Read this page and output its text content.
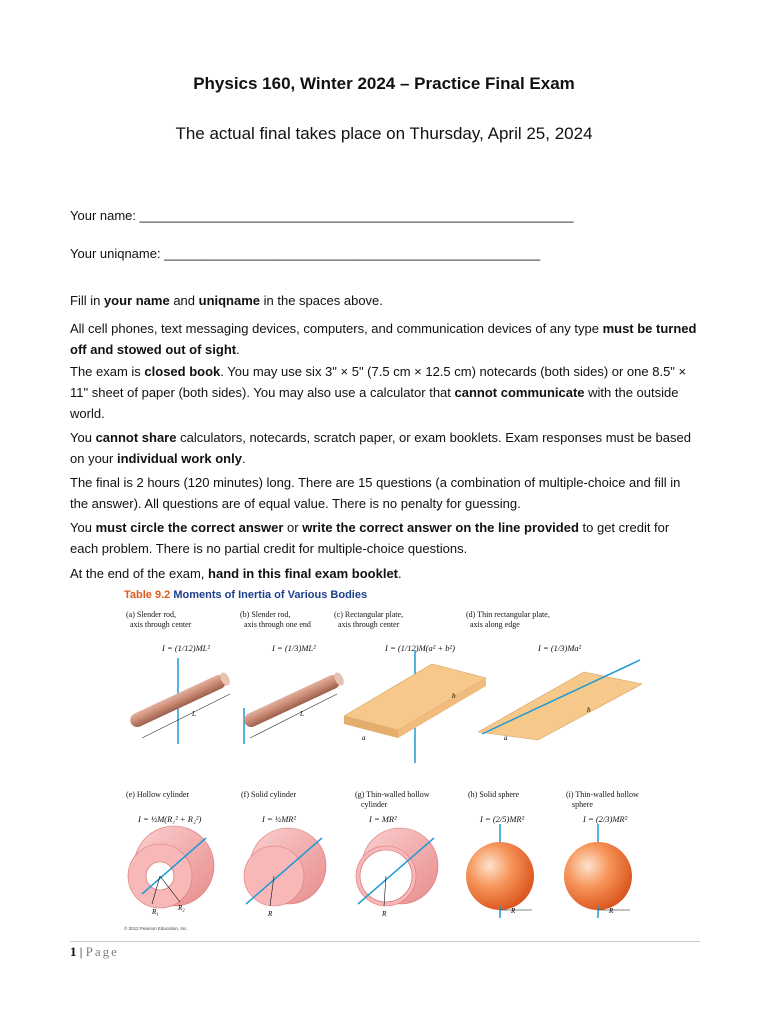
Physics 160, Winter 2024 – Practice Final Exam
The actual final takes place on Thursday, April 25, 2024
Your name: ____________________________________________________________
Your uniqname: ____________________________________________________

Fill in your name and uniqname in the spaces above.

All cell phones, text messaging devices, computers, and communication devices of any type must be turned off and stowed out of sight.

The exam is closed book. You may use six 3" × 5" (7.5 cm × 12.5 cm) notecards (both sides) or one 8.5" × 11" sheet of paper (both sides). You may also use a calculator that cannot communicate with the outside world.

You cannot share calculators, notecards, scratch paper, or exam booklets. Exam responses must be based on your individual work only.

The final is 2 hours (120 minutes) long. There are 15 questions (a combination of multiple-choice and fill in the answer). All questions are of equal value. There is no penalty for guessing.

You must circle the correct answer or write the correct answer on the line provided to get credit for each problem. There is no partial credit for multiple-choice questions.

At the end of the exam, hand in this final exam booklet.

Table 9.2 Moments of Inertia of Various Bodies
(a) Slender rod,
axis through center
(b) Slender rod,
axis through one end
(c) Rectangular plate,
axis through center
(d) Thin rectangular plate,
axis along edge
I = (1/12)ML²	I = (1/3)ML²	I = (1/12)M(a² + b²)	I = (1/3)Ma²
(e) Hollow cylinder	(f) Solid cylinder	(g) Thin-walled hollow
cylinder
(h) Solid sphere	(i) Thin-walled hollow
sphere
I = ½M(R₁² + R₂²)	I = ½MR²	I = MR²	I = (2/5)MR²	I = (2/3)MR²
L	L
a
b
a
b
R₁	R₂
R	R	R	R
© 2012 Pearson Education, Inc.
1 | Page
